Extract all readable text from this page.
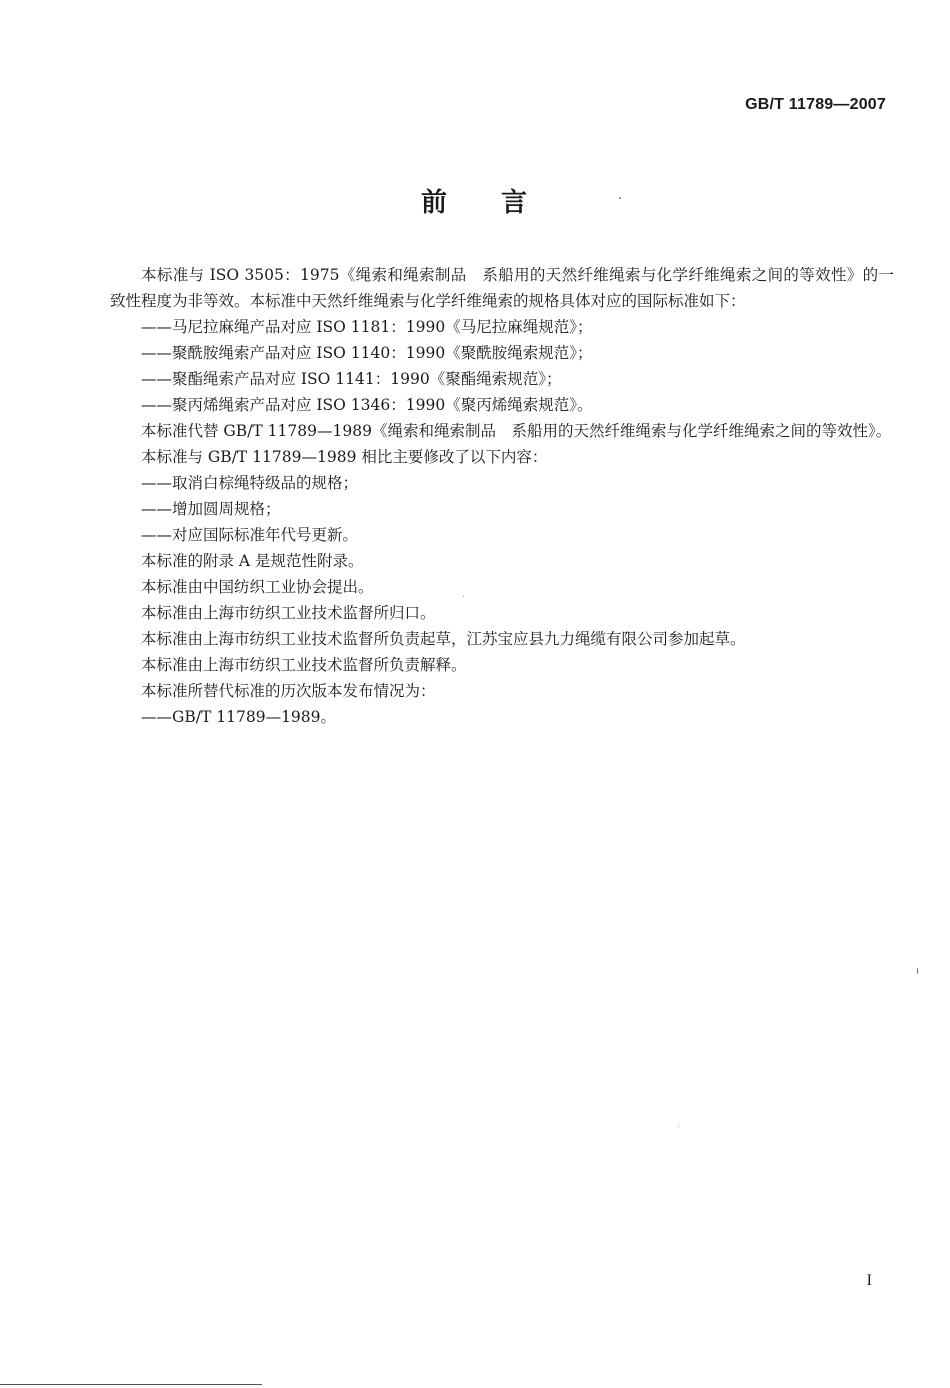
GB/T 11789—2007
前 言

本标准与 ISO 3505：1975《绳索和绳索制品　系船用的天然纤维绳索与化学纤维绳索之间的等效性》的一致性程度为非等效。本标准中天然纤维绳索与化学纤维绳索的规格具体对应的国际标准如下：

——马尼拉麻绳产品对应 ISO 1181：1990《马尼拉麻绳规范》；

——聚酰胺绳索产品对应 ISO 1140：1990《聚酰胺绳索规范》；

——聚酯绳索产品对应 ISO 1141：1990《聚酯绳索规范》；

——聚丙烯绳索产品对应 ISO 1346：1990《聚丙烯绳索规范》。

本标准代替 GB/T 11789—1989《绳索和绳索制品　系船用的天然纤维绳索与化学纤维绳索之间的等效性》。

本标准与 GB/T 11789—1989 相比主要修改了以下内容：

——取消白棕绳特级品的规格；

——增加圆周规格；

——对应国际标准年代号更新。

本标准的附录 A 是规范性附录。

本标准由中国纺织工业协会提出。

本标准由上海市纺织工业技术监督所归口。

本标准由上海市纺织工业技术监督所负责起草，江苏宝应县九力绳缆有限公司参加起草。

本标准由上海市纺织工业技术监督所负责解释。

本标准所替代标准的历次版本发布情况为：

——GB/T 11789—1989。

I
